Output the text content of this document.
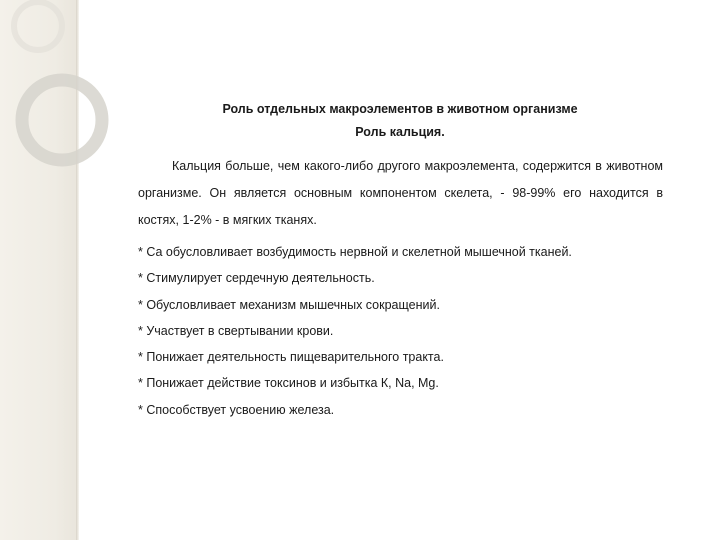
Роль отдельных макроэлементов в животном организме
Роль кальция.

Кальция больше, чем какого-либо другого макроэлемента, содержится в животном организме. Он является основным компонентом скелета, - 98-99% его находится в костях, 1-2% - в мягких тканях.

* Са обусловливает возбудимость нервной и скелетной мышечной тканей.
* Стимулирует сердечную деятельность.
* Обусловливает механизм мышечных сокращений.
* Участвует в свертывании крови.
* Понижает деятельность пищеварительного тракта.
* Понижает действие токсинов и избытка К, Nа, Mg.
* Способствует усвоению железа.
